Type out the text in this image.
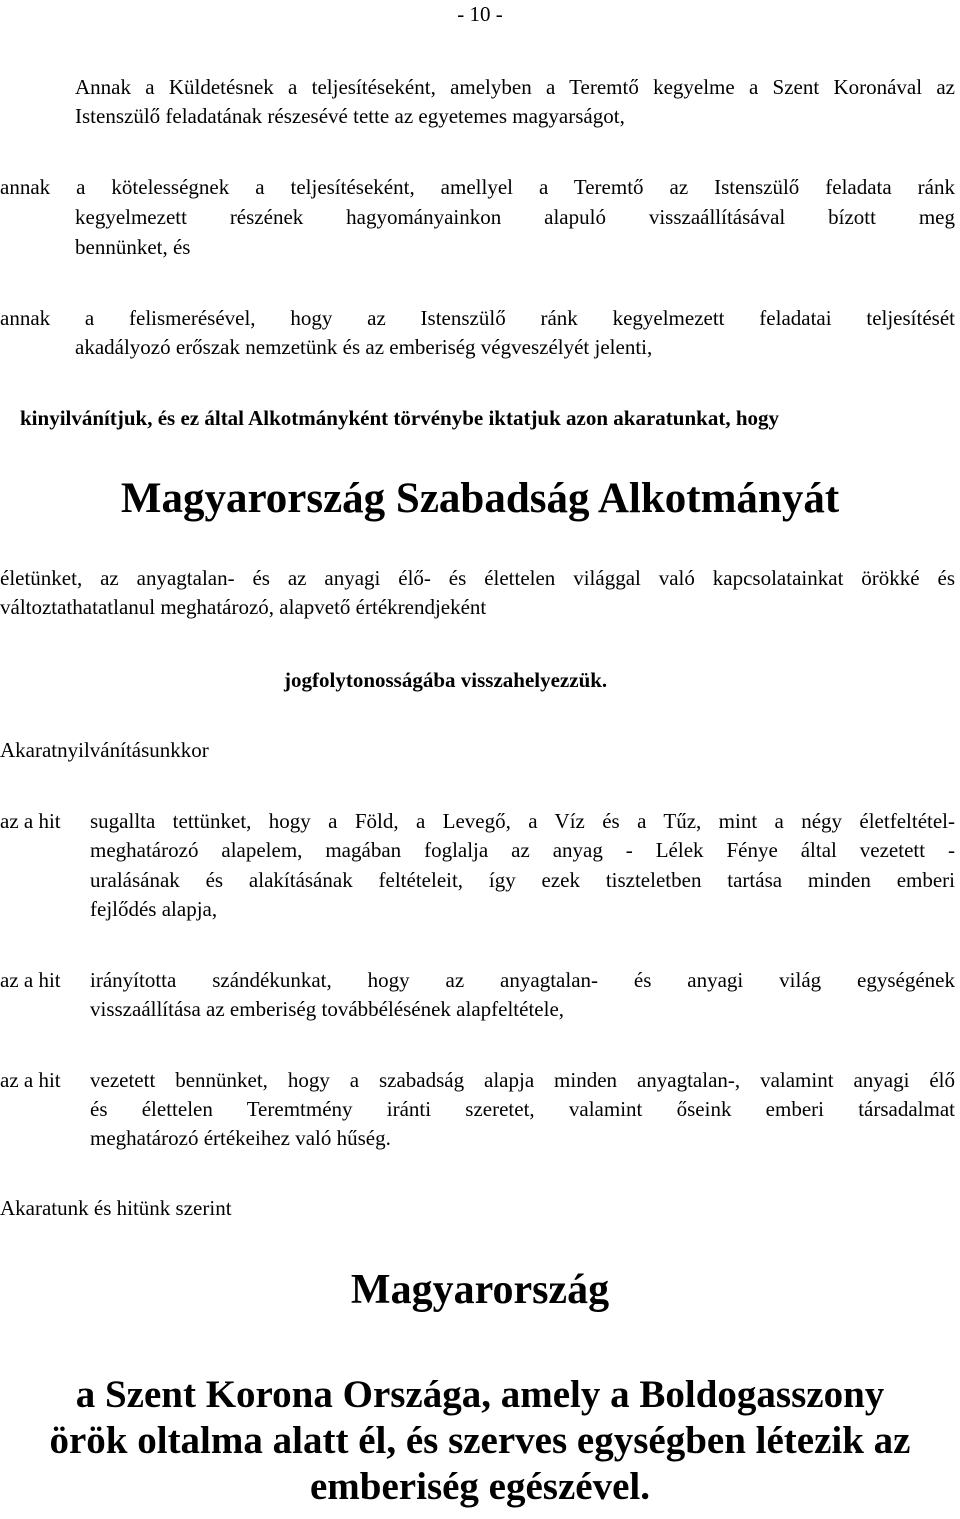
- 10 -
Annak a Küldetésnek a teljesítéseként, amelyben a Teremtő kegyelme a Szent Koronával az
Istenszülő feladatának részesévé tette az egyetemes magyarságot,
annak a kötelességnek a teljesítéseként, amellyel a Teremtő az Istenszülő feladata ránk
kegyelmezett részének hagyományainkon alapuló visszaállításával bízott meg
bennünket, és
annak a felismerésével, hogy az Istenszülő ránk kegyelmezett feladatai teljesítését
akadályozó erőszak nemzetünk és az emberiség végveszélyét jelenti,
kinyilvánítjuk, és ez által Alkotmányként törvénybe iktatjuk azon akaratunkat, hogy
Magyarország Szabadság Alkotmányát
életünket, az anyagtalan- és az anyagi élő- és élettelen világgal való kapcsolatainkat örökké és
változtathatatlanul meghatározó, alapvető értékrendjeként
jogfolytonosságába visszahelyezzük.
Akaratnyilvánításunkkor
az a hit	sugallta tettünket, hogy a Föld, a Levegő, a Víz és a Tűz, mint a négy életfeltétel-
meghatározó alapelem, magában foglalja az anyag - Lélek Fénye által vezetett -
uralásának és alakításának feltételeit, így ezek tiszteletben tartása minden emberi
fejlődés alapja,
az a hit	irányította szándékunkat, hogy az anyagtalan- és anyagi világ egységének
visszaállítása az emberiség továbbélésének alapfeltétele,
az a hit	vezetett bennünket, hogy a szabadság alapja minden anyagtalan-, valamint anyagi élő
és élettelen Teremtmény iránti szeretet, valamint őseink emberi társadalmat
meghatározó értékeihez való hűség.
Akaratunk és hitünk szerint
Magyarország
a Szent Korona Országa, amely a Boldogasszony
örök oltalma alatt él, és szerves egységben létezik az
emberiség egészével.
